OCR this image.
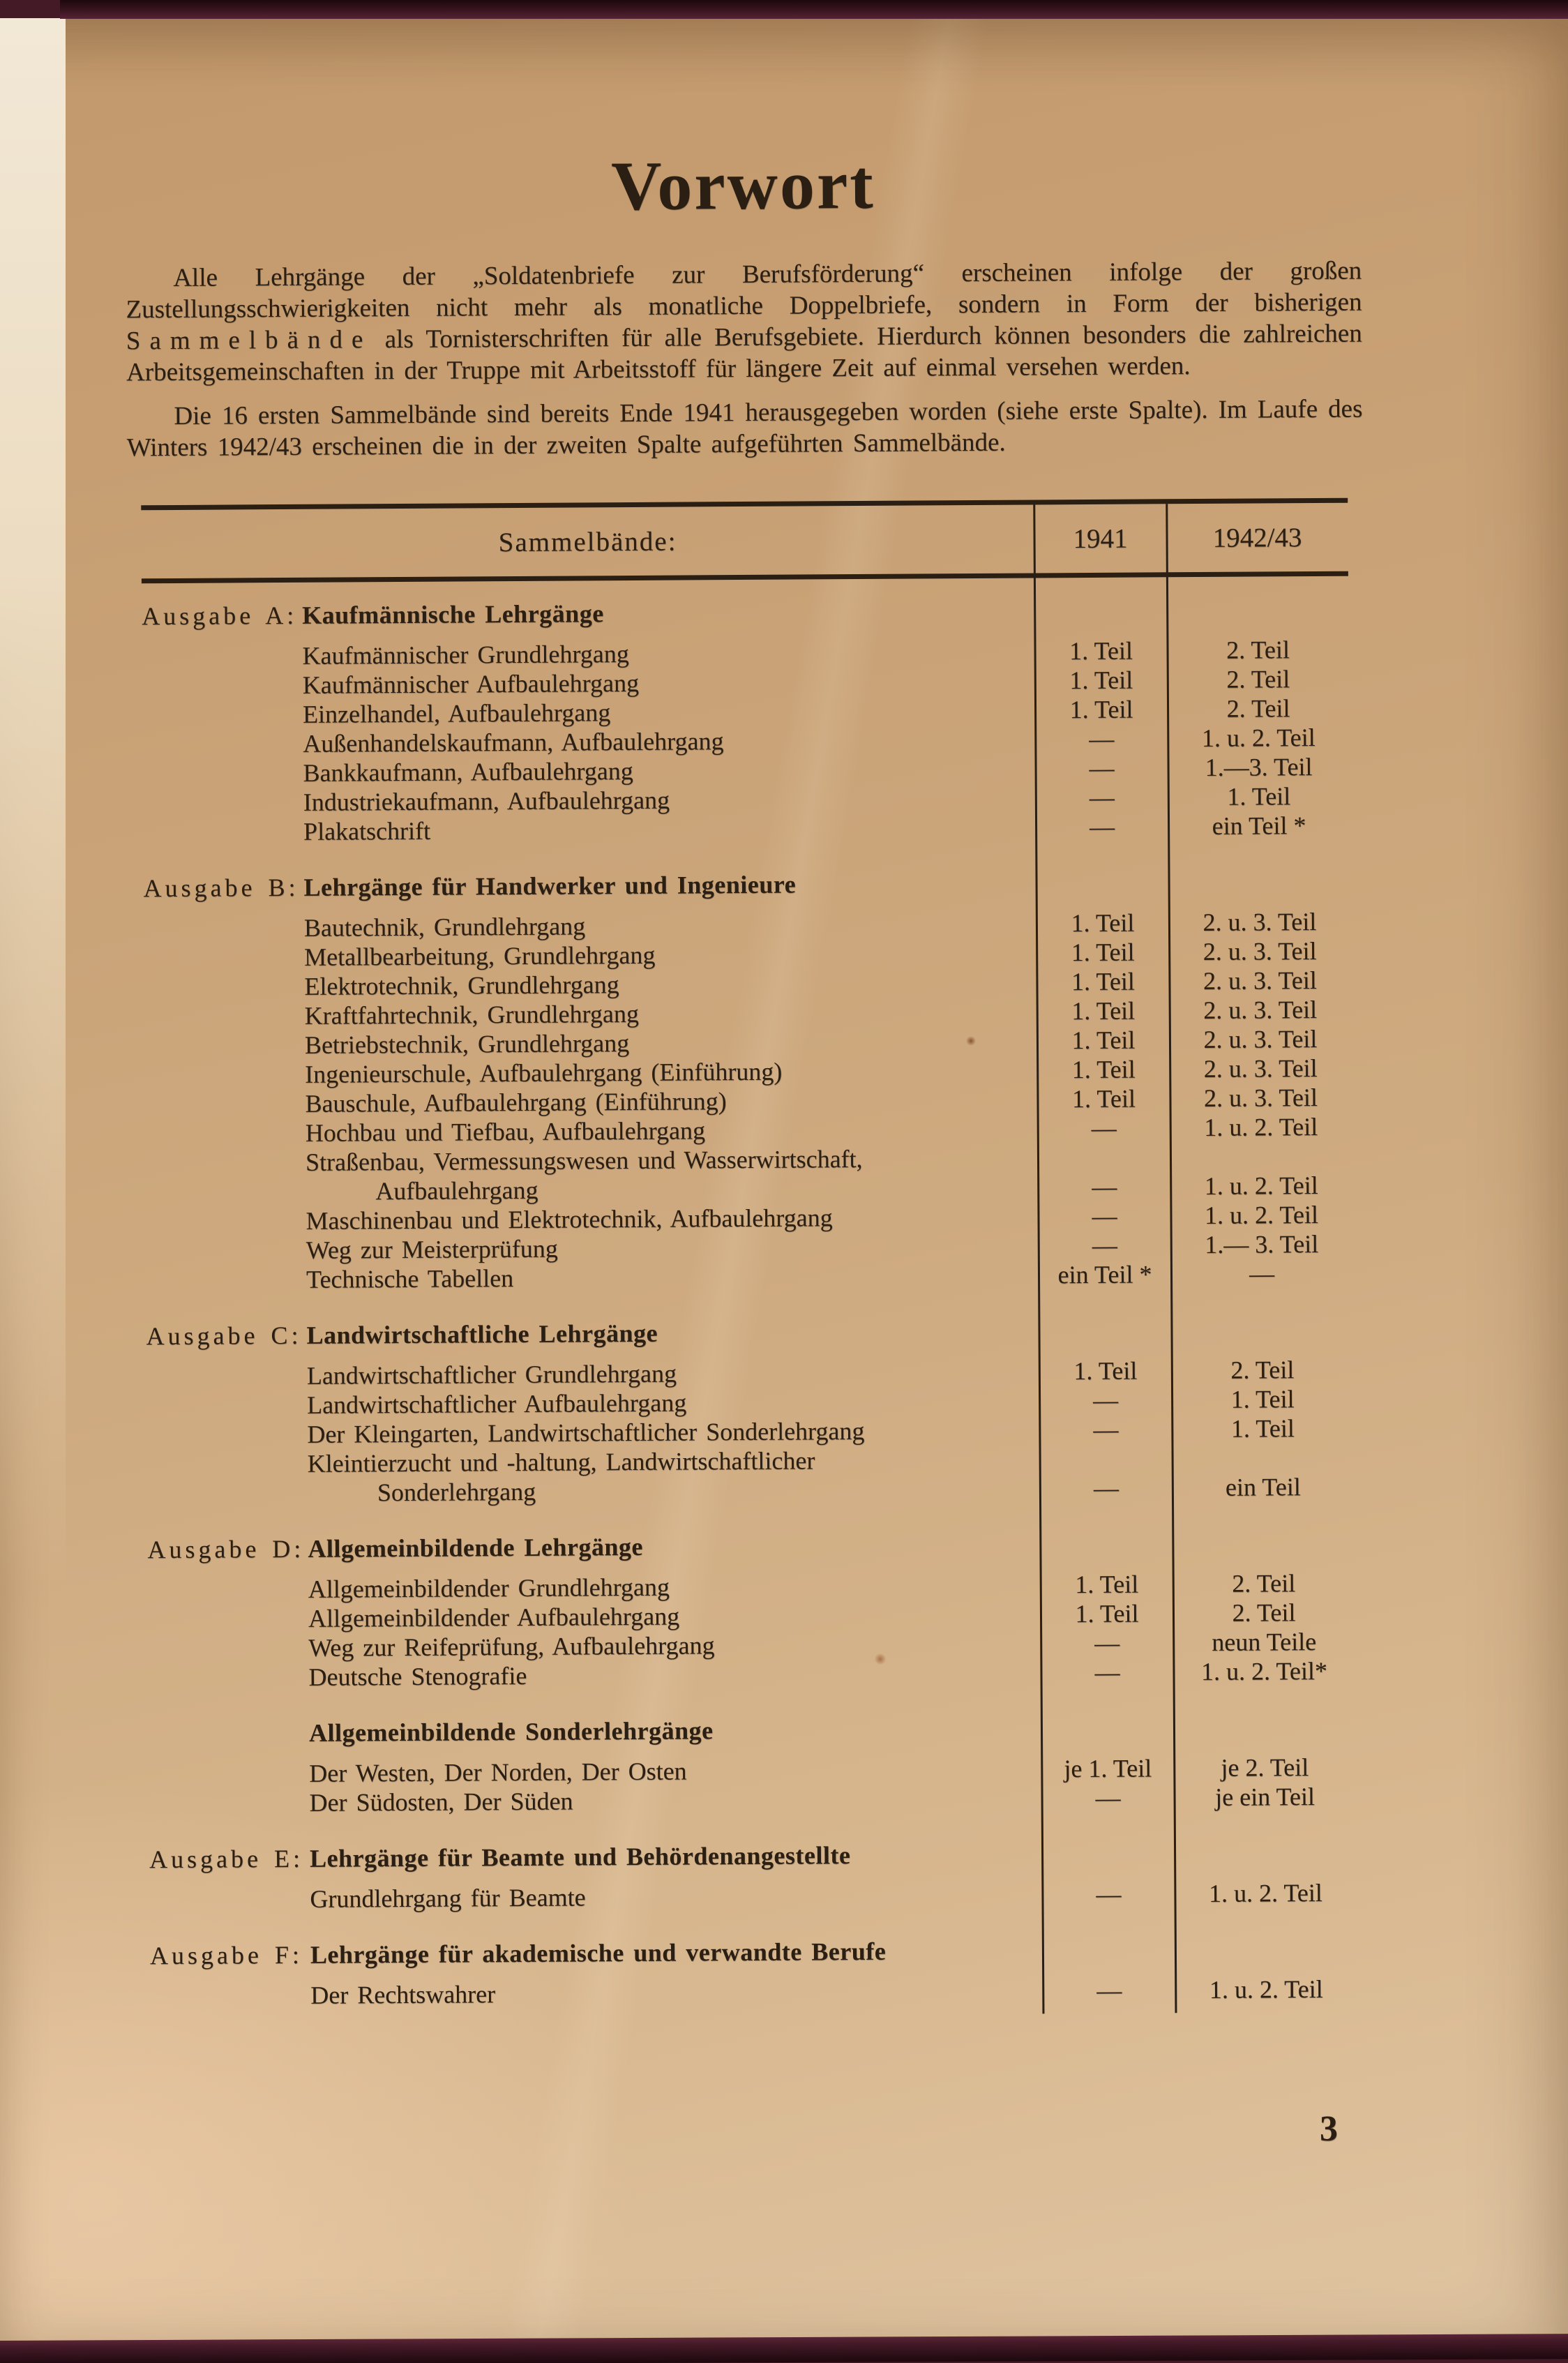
Vorwort

Alle Lehrgänge der „Soldatenbriefe zur Berufsförderung“ erscheinen infolge der großen Zustellungsschwierigkeiten nicht mehr als monatliche Doppelbriefe, sondern in Form der bisherigen Sammelbände als Tornisterschriften für alle Berufsgebiete. Hierdurch können besonders die zahlreichen Arbeitsgemeinschaften in der Truppe mit Arbeitsstoff für längere Zeit auf einmal versehen werden.

Die 16 ersten Sammelbände sind bereits Ende 1941 herausgegeben worden (siehe erste Spalte). Im Laufe des Winters 1942/43 erscheinen die in der zweiten Spalte aufgeführten Sammelbände.

Sammelbände:	1941	1942/43
Ausgabe A: Kaufmännische Lehrgänge
Kaufmännischer Grundlehrgang	1. Teil	2. Teil
Kaufmännischer Aufbaulehrgang	1. Teil	2. Teil
Einzelhandel, Aufbaulehrgang	1. Teil	2. Teil
Außenhandelskaufmann, Aufbaulehrgang	—	1. u. 2. Teil
Bankkaufmann, Aufbaulehrgang	—	1.—3. Teil
Industriekaufmann, Aufbaulehrgang	—	1. Teil
Plakatschrift	—	ein Teil *
Ausgabe B: Lehrgänge für Handwerker und Ingenieure
Bautechnik, Grundlehrgang	1. Teil	2. u. 3. Teil
Metallbearbeitung, Grundlehrgang	1. Teil	2. u. 3. Teil
Elektrotechnik, Grundlehrgang	1. Teil	2. u. 3. Teil
Kraftfahrtechnik, Grundlehrgang	1. Teil	2. u. 3. Teil
Betriebstechnik, Grundlehrgang	1. Teil	2. u. 3. Teil
Ingenieurschule, Aufbaulehrgang (Einführung)	1. Teil	2. u. 3. Teil
Bauschule, Aufbaulehrgang (Einführung)	1. Teil	2. u. 3. Teil
Hochbau und Tiefbau, Aufbaulehrgang	—	1. u. 2. Teil
Straßenbau, Vermessungswesen und Wasserwirtschaft,
Aufbaulehrgang	—	1. u. 2. Teil
Maschinenbau und Elektrotechnik, Aufbaulehrgang	—	1. u. 2. Teil
Weg zur Meisterprüfung	—	1.— 3. Teil
Technische Tabellen	ein Teil *	—
Ausgabe C: Landwirtschaftliche Lehrgänge
Landwirtschaftlicher Grundlehrgang	1. Teil	2. Teil
Landwirtschaftlicher Aufbaulehrgang	—	1. Teil
Der Kleingarten, Landwirtschaftlicher Sonderlehrgang	—	1. Teil
Kleintierzucht und -haltung, Landwirtschaftlicher
Sonderlehrgang	—	ein Teil
Ausgabe D: Allgemeinbildende Lehrgänge
Allgemeinbildender Grundlehrgang	1. Teil	2. Teil
Allgemeinbildender Aufbaulehrgang	1. Teil	2. Teil
Weg zur Reifeprüfung, Aufbaulehrgang	—	neun Teile
Deutsche Stenografie	—	1. u. 2. Teil*
Allgemeinbildende Sonderlehrgänge
Der Westen, Der Norden, Der Osten	je 1. Teil	je 2. Teil
Der Südosten, Der Süden	—	je ein Teil
Ausgabe E: Lehrgänge für Beamte und Behördenangestellte
Grundlehrgang für Beamte	—	1. u. 2. Teil
Ausgabe F: Lehrgänge für akademische und verwandte Berufe
Der Rechtswahrer	—	1. u. 2. Teil
3
